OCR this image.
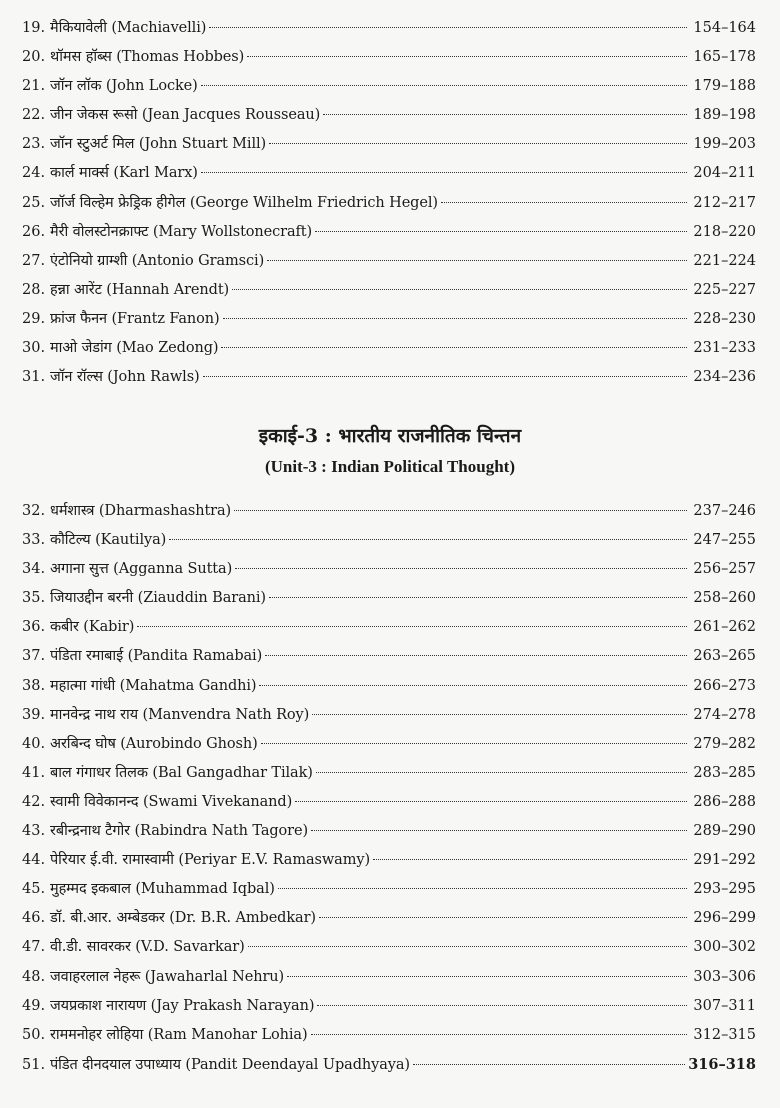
19. मैकियावेली (Machiavelli)	154–164
20. थॉमस हॉब्स (Thomas Hobbes)	165–178
21. जॉन लॉक (John Locke)	179–188
22. जीन जेकस रूसो (Jean Jacques Rousseau)	189–198
23. जॉन स्टुअर्ट मिल (John Stuart Mill)	199–203
24. कार्ल मार्क्स (Karl Marx)	204–211
25. जॉर्ज विल्हेम फ्रेड्रिक हीगेल (George Wilhelm Friedrich Hegel)	212–217
26. मैरी वोलस्टोनक्राफ्ट (Mary Wollstonecraft)	218–220
27. एंटोनियो ग्राम्शी (Antonio Gramsci)	221–224
28. हन्ना आरेंट (Hannah Arendt)	225–227
29. फ्रांज फैनन (Frantz Fanon)	228–230
30. माओ जेडांग (Mao Zedong)	231–233
31. जॉन रॉल्स (John Rawls)	234–236
इकाई-3 : भारतीय राजनीतिक चिन्तन
(Unit-3 : Indian Political Thought)
32. धर्मशास्त्र (Dharmashashtra)	237–246
33. कौटिल्य (Kautilya)	247–255
34. अगाना सुत्त (Agganna Sutta)	256–257
35. जियाउद्दीन बरनी (Ziauddin Barani)	258–260
36. कबीर (Kabir)	261–262
37. पंडिता रमाबाई (Pandita Ramabai)	263–265
38. महात्मा गांधी (Mahatma Gandhi)	266–273
39. मानवेन्द्र नाथ राय (Manvendra Nath Roy)	274–278
40. अरबिन्द घोष (Aurobindo Ghosh)	279–282
41. बाल गंगाधर तिलक (Bal Gangadhar Tilak)	283–285
42. स्वामी विवेकानन्द (Swami Vivekanand)	286–288
43. रबीन्द्रनाथ टैगोर (Rabindra Nath Tagore)	289–290
44. पेरियार ई.वी. रामास्वामी (Periyar E.V. Ramaswamy)	291–292
45. मुहम्मद इकबाल (Muhammad Iqbal)	293–295
46. डॉ. बी.आर. अम्बेडकर (Dr. B.R. Ambedkar)	296–299
47. वी.डी. सावरकर (V.D. Savarkar)	300–302
48. जवाहरलाल नेहरू (Jawaharlal Nehru)	303–306
49. जयप्रकाश नारायण (Jay Prakash Narayan)	307–311
50. राममनोहर लोहिया (Ram Manohar Lohia)	312–315
51. पंडित दीनदयाल उपाध्याय (Pandit Deendayal Upadhyaya)	316–318
